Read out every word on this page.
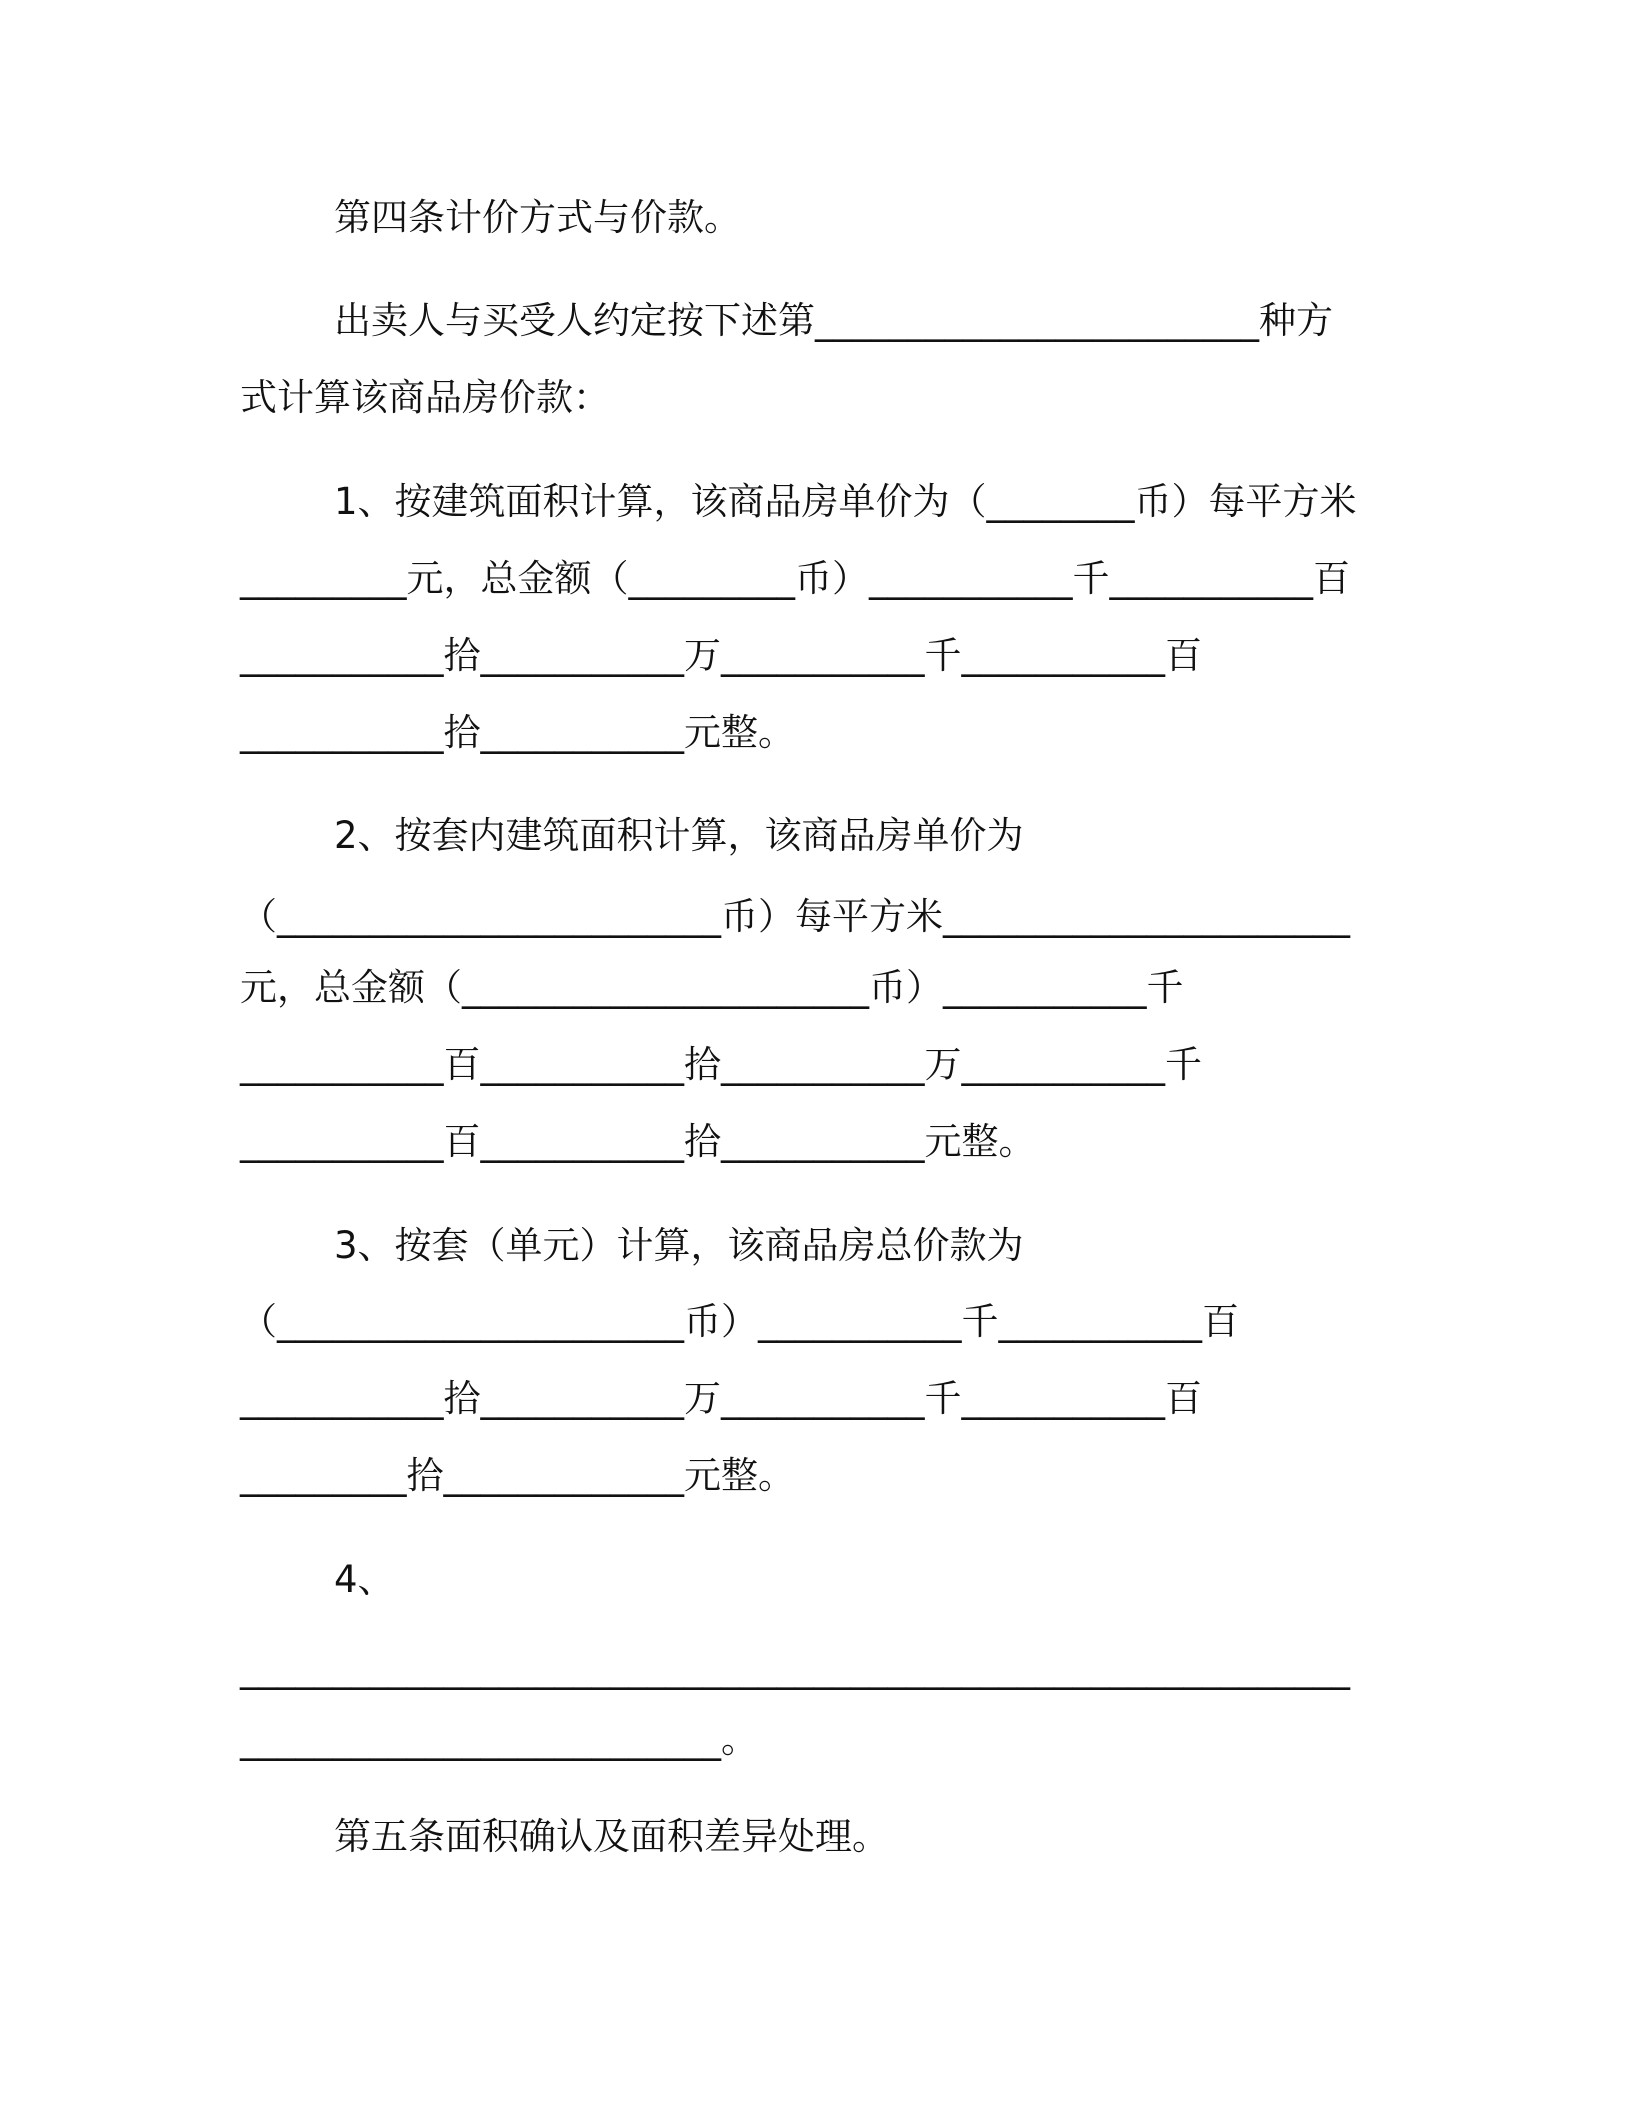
第四条计价方式与价款。
出卖人与买受人约定按下述第________________________种方
式计算该商品房价款：
1、按建筑面积计算，该商品房单价为（________币）每平方米
_________元，总金额（_________币）___________千___________百
___________拾___________万___________千___________百
___________拾___________元整。
2、按套内建筑面积计算，该商品房单价为
（________________________币）每平方米______________________
元，总金额（______________________币）___________千
___________百___________拾___________万___________千
___________百___________拾___________元整。
3、按套（单元）计算，该商品房总价款为
（______________________币）___________千___________百
___________拾___________万___________千___________百
_________拾_____________元整。
4、
____________________________________________________________
__________________________。
第五条面积确认及面积差异处理。
